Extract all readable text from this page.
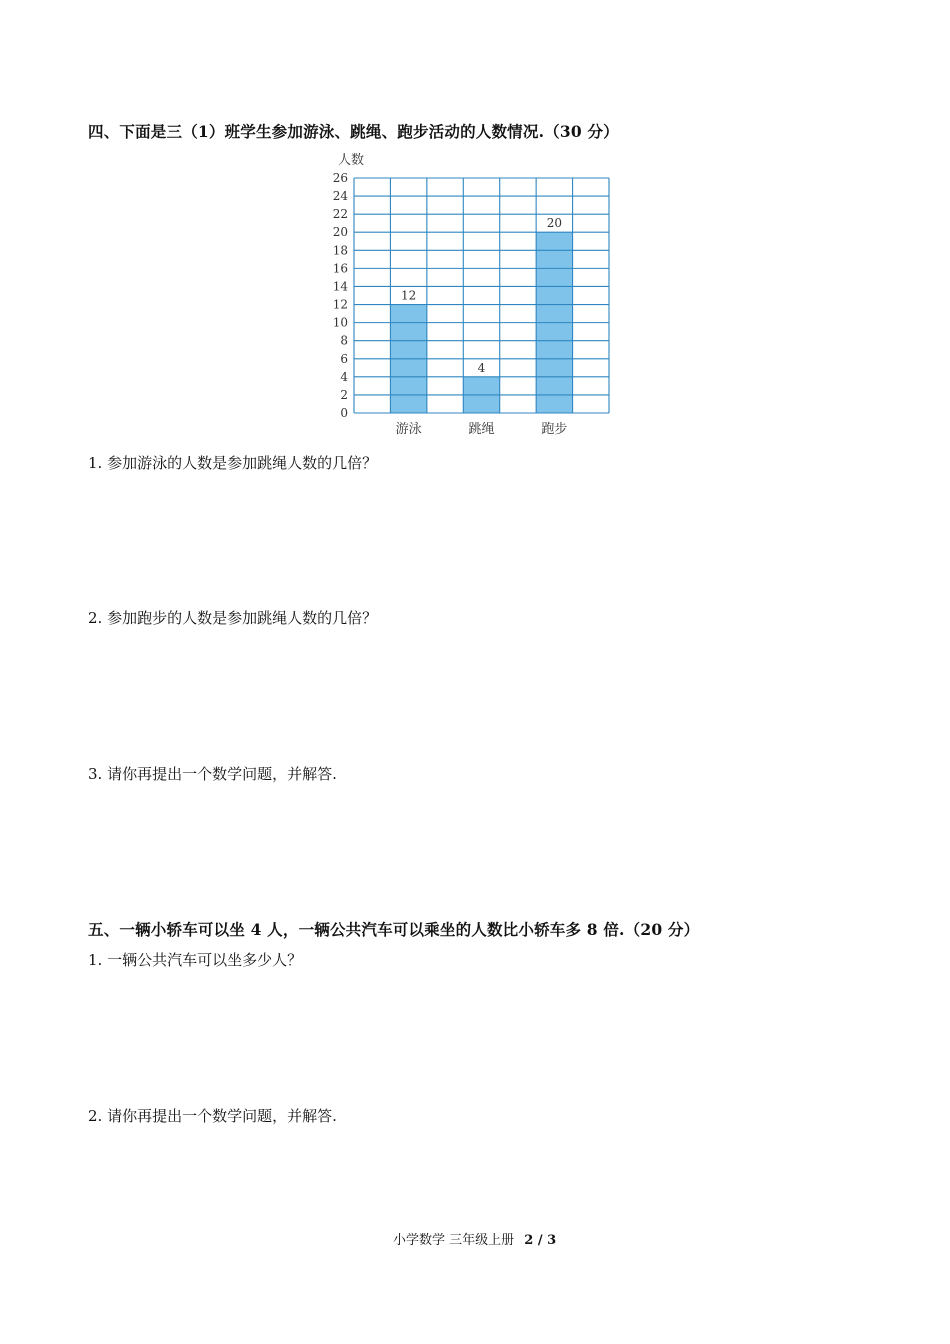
四、下面是三（1）班学生参加游泳、跳绳、跑步活动的人数情况.（30 分）
0
2
4
6
8
10
12
14
16
18
20
22
24
26
人数
12
4
20
游泳	跳绳	跑步
1. 参加游泳的人数是参加跳绳人数的几倍？
2. 参加跑步的人数是参加跳绳人数的几倍？
3. 请你再提出一个数学问题，并解答.
五、一辆小轿车可以坐 4 人，一辆公共汽车可以乘坐的人数比小轿车多 8 倍.（20 分）
1. 一辆公共汽车可以坐多少人？
2. 请你再提出一个数学问题，并解答.
小学数学 三年级上册 2 / 3
